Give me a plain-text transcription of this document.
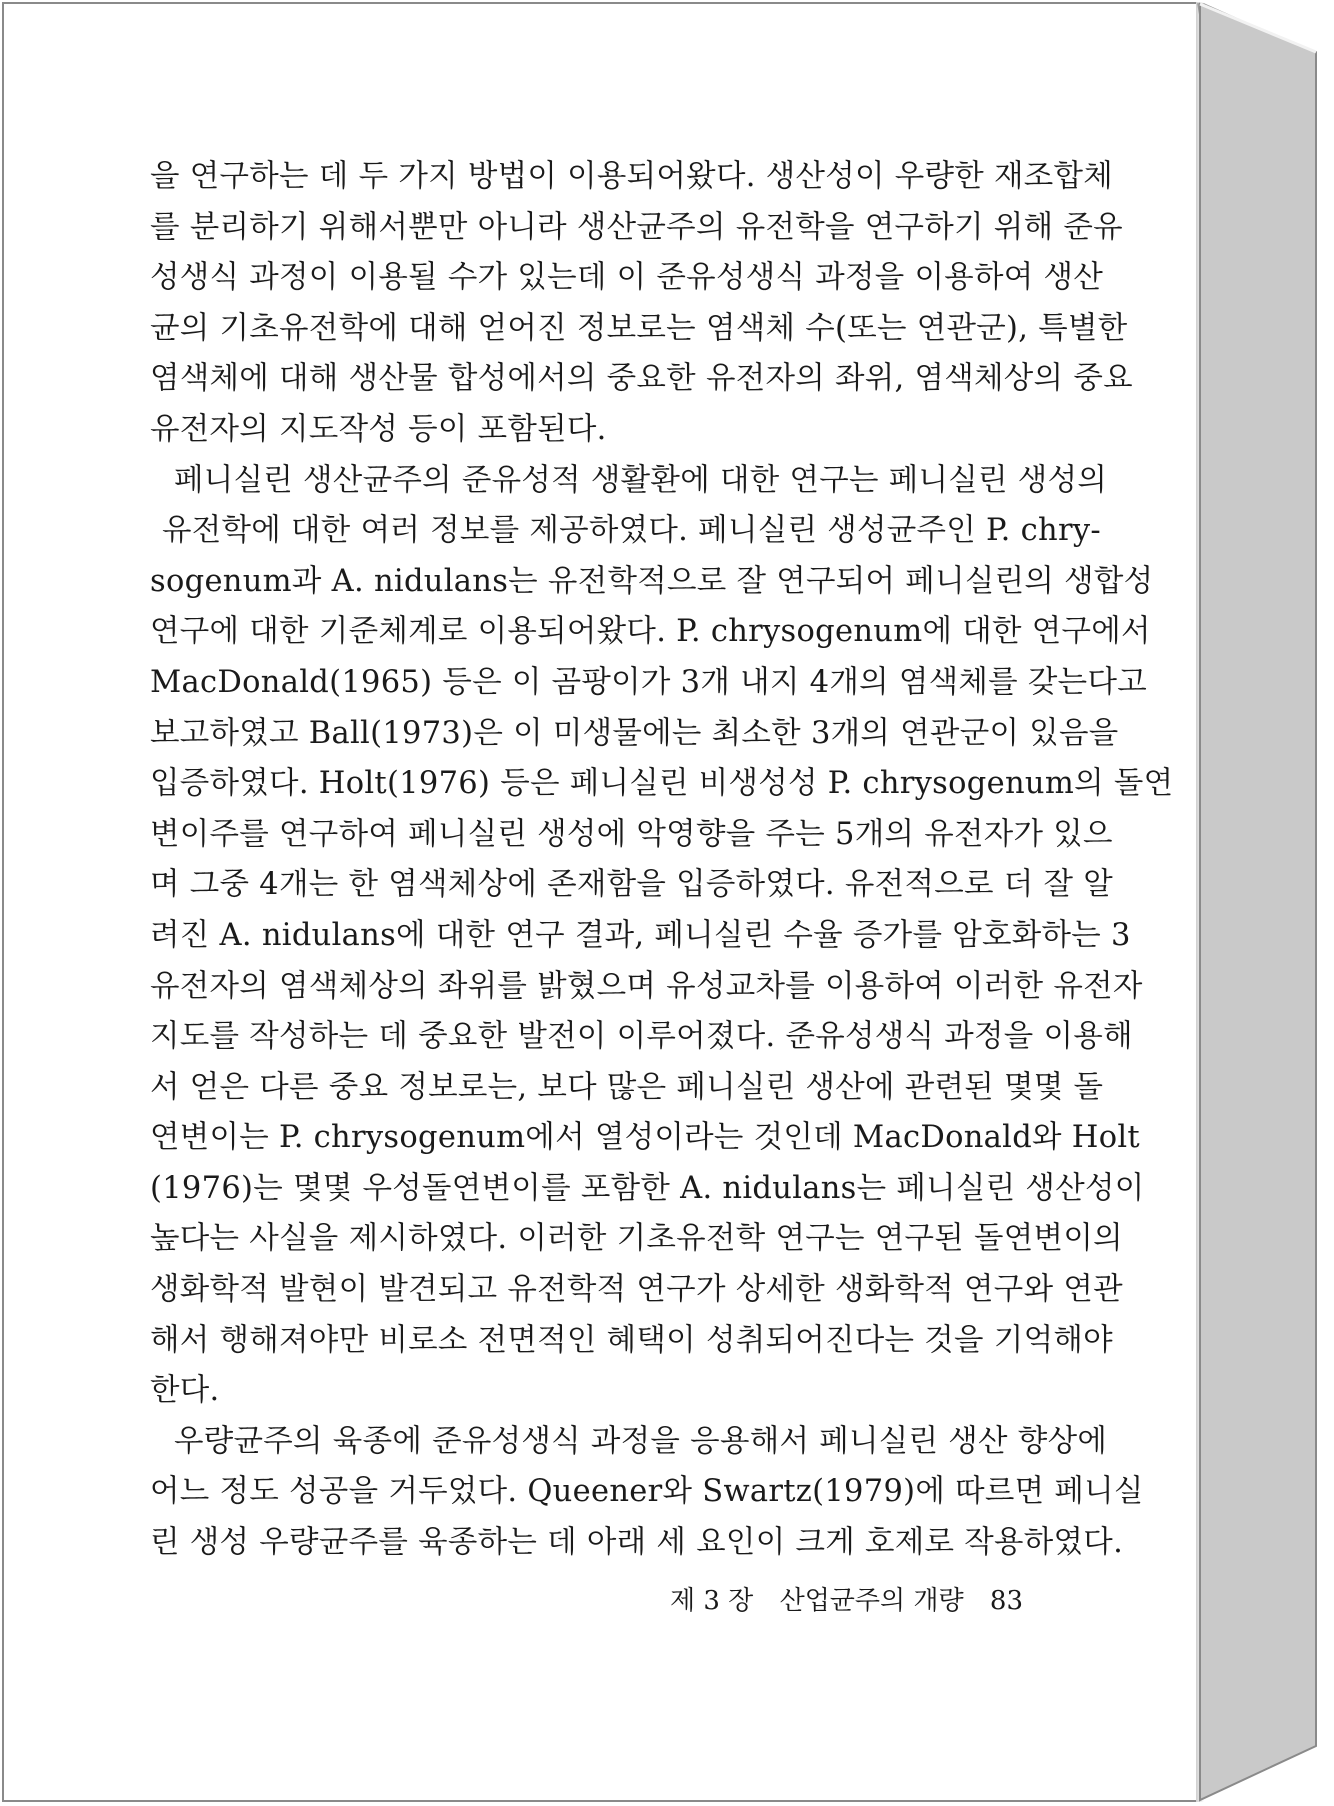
을 연구하는 데 두 가지 방법이 이용되어왔다. 생산성이 우량한 재조합체
를 분리하기 위해서뿐만 아니라 생산균주의 유전학을 연구하기 위해 준유
성생식 과정이 이용될 수가 있는데 이 준유성생식 과정을 이용하여 생산
균의 기초유전학에 대해 얻어진 정보로는 염색체 수(또는 연관군), 특별한
염색체에 대해 생산물 합성에서의 중요한 유전자의 좌위, 염색체상의 중요
유전자의 지도작성 등이 포함된다.
페니실린 생산균주의 준유성적 생활환에 대한 연구는 페니실린 생성의
유전학에 대한 여러 정보를 제공하였다. 페니실린 생성균주인 P. chry-
sogenum과 A. nidulans는 유전학적으로 잘 연구되어 페니실린의 생합성
연구에 대한 기준체계로 이용되어왔다. P. chrysogenum에 대한 연구에서
MacDonald(1965) 등은 이 곰팡이가 3개 내지 4개의 염색체를 갖는다고
보고하였고 Ball(1973)은 이 미생물에는 최소한 3개의 연관군이 있음을
입증하였다. Holt(1976) 등은 페니실린 비생성성 P. chrysogenum의 돌연
변이주를 연구하여 페니실린 생성에 악영향을 주는 5개의 유전자가 있으
며 그중 4개는 한 염색체상에 존재함을 입증하였다. 유전적으로 더 잘 알
려진 A. nidulans에 대한 연구 결과, 페니실린 수율 증가를 암호화하는 3
유전자의 염색체상의 좌위를 밝혔으며 유성교차를 이용하여 이러한 유전자
지도를 작성하는 데 중요한 발전이 이루어졌다. 준유성생식 과정을 이용해
서 얻은 다른 중요 정보로는, 보다 많은 페니실린 생산에 관련된 몇몇 돌
연변이는 P. chrysogenum에서 열성이라는 것인데 MacDonald와 Holt
(1976)는 몇몇 우성돌연변이를 포함한 A. nidulans는 페니실린 생산성이
높다는 사실을 제시하였다. 이러한 기초유전학 연구는 연구된 돌연변이의
생화학적 발현이 발견되고 유전학적 연구가 상세한 생화학적 연구와 연관
해서 행해져야만 비로소 전면적인 혜택이 성취되어진다는 것을 기억해야
한다.
우량균주의 육종에 준유성생식 과정을 응용해서 페니실린 생산 향상에
어느 정도 성공을 거두었다. Queener와 Swartz(1979)에 따르면 페니실
린 생성 우량균주를 육종하는 데 아래 세 요인이 크게 호제로 작용하였다.
제 3 장 산업균주의 개량 83
